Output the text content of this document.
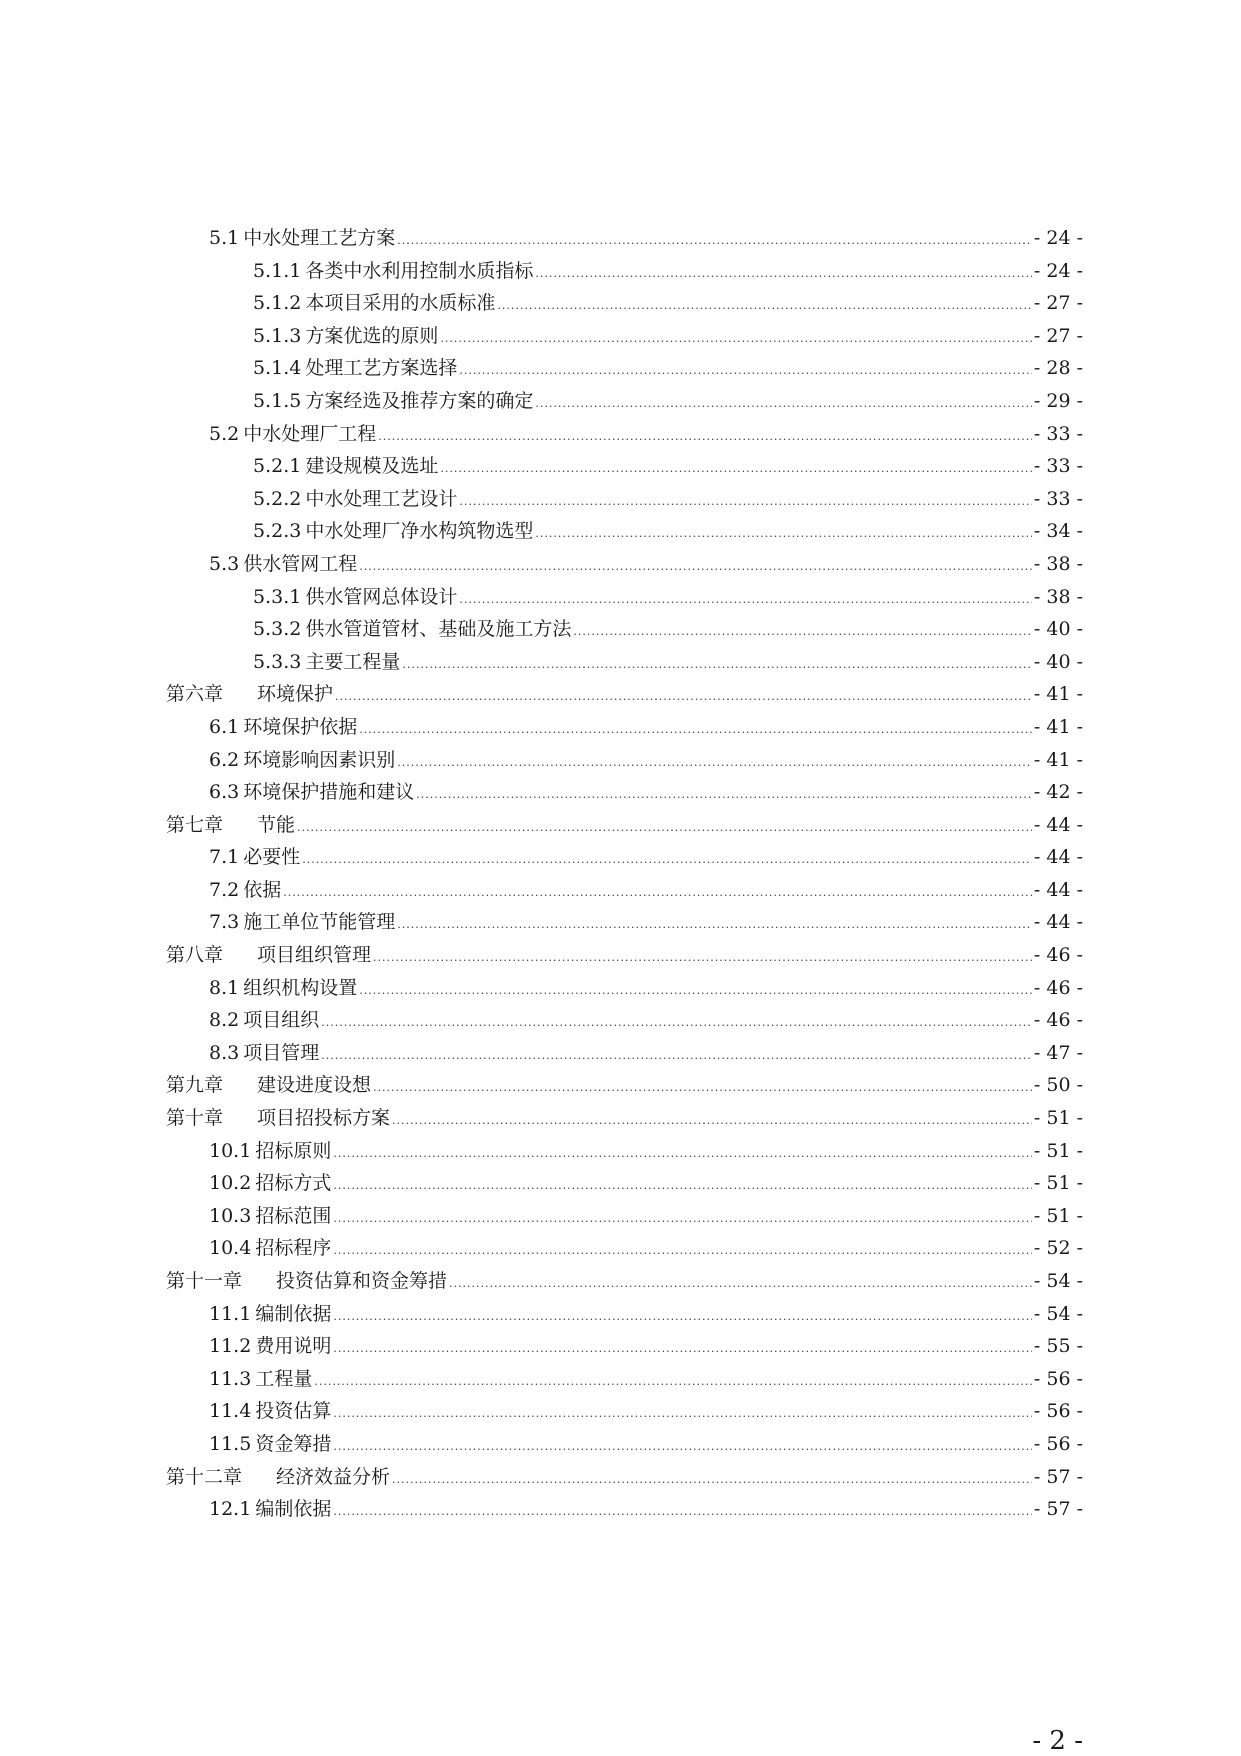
5.1 中水处理工艺方案 .....	- 24 -
5.1.1 各类中水利用控制水质指标 .....	- 24 -
5.1.2 本项目采用的水质标准 .....	- 27 -
5.1.3 方案优选的原则 .....	- 27 -
5.1.4 处理工艺方案选择 .....	- 28 -
5.1.5 方案经选及推荐方案的确定 .....	- 29 -
5.2 中水处理厂工程 .....	- 33 -
5.2.1 建设规模及选址 .....	- 33 -
5.2.2 中水处理工艺设计 .....	- 33 -
5.2.3 中水处理厂净水构筑物选型 .....	- 34 -
5.3 供水管网工程 .....	- 38 -
5.3.1 供水管网总体设计 .....	- 38 -
5.3.2 供水管道管材、基础及施工方法 .....	- 40 -
5.3.3 主要工程量 .....	- 40 -
第六章 环境保护 .....	- 41 -
6.1 环境保护依据 .....	- 41 -
6.2 环境影响因素识别 .....	- 41 -
6.3 环境保护措施和建议 .....	- 42 -
第七章 节能 .....	- 44 -
7.1 必要性 .....	- 44 -
7.2 依据 .....	- 44 -
7.3 施工单位节能管理 .....	- 44 -
第八章 项目组织管理 .....	- 46 -
8.1 组织机构设置 .....	- 46 -
8.2 项目组织 .....	- 46 -
8.3 项目管理 .....	- 47 -
第九章 建设进度设想 .....	- 50 -
第十章 项目招投标方案 .....	- 51 -
10.1 招标原则 .....	- 51 -
10.2 招标方式 .....	- 51 -
10.3 招标范围 .....	- 51 -
10.4 招标程序 .....	- 52 -
第十一章 投资估算和资金筹措 .....	- 54 -
11.1 编制依据 .....	- 54 -
11.2 费用说明 .....	- 55 -
11.3 工程量 .....	- 56 -
11.4 投资估算 .....	- 56 -
11.5 资金筹措 .....	- 56 -
第十二章 经济效益分析 .....	- 57 -
12.1 编制依据 .....	- 57 -
- 2 -
